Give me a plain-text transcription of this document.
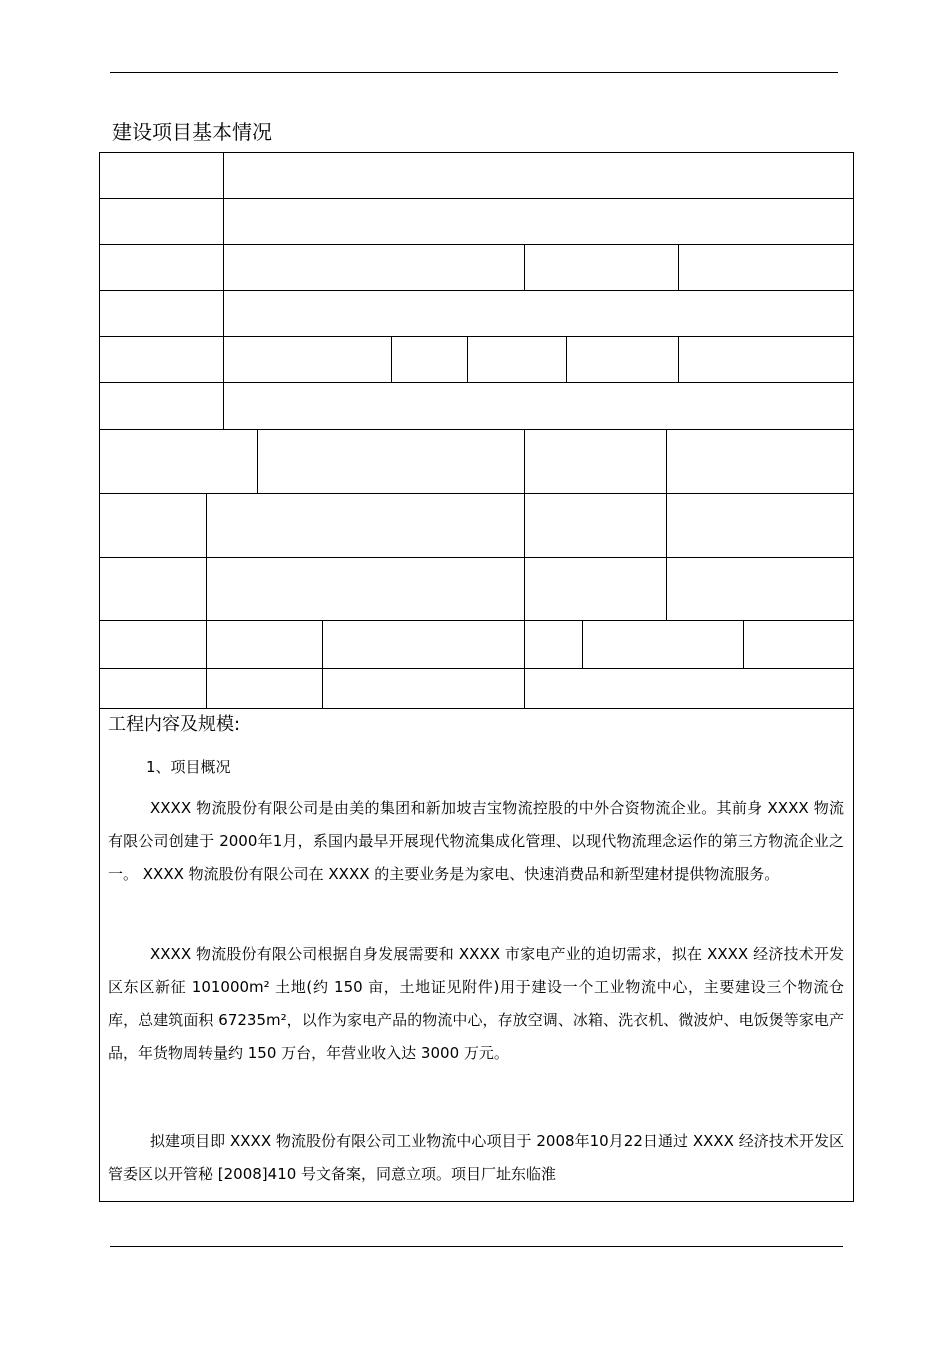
建设项目基本情况
工程内容及规模:
1、项目概况

XXXX 物流股份有限公司是由美的集团和新加坡吉宝物流控股的中外合资物流企业。其前身 XXXX 物流有限公司创建于 2000年1月，系国内最早开展现代物流集成化管理、以现代物流理念运作的第三方物流企业之一。 XXXX 物流股份有限公司在 XXXX 的主要业务是为家电、快速消费品和新型建材提供物流服务。

XXXX 物流股份有限公司根据自身发展需要和 XXXX 市家电产业的迫切需求，拟在 XXXX 经济技术开发区东区新征 101000m² 土地(约 150 亩，土地证见附件)用于建设一个工业物流中心，主要建设三个物流仓库，总建筑面积 67235m²，以作为家电产品的物流中心，存放空调、冰箱、洗衣机、微波炉、电饭煲等家电产品，年货物周转量约 150 万台，年营业收入达 3000 万元。

拟建项目即 XXXX 物流股份有限公司工业物流中心项目于 2008年10月22日通过 XXXX 经济技术开发区管委区以开管秘 [2008]410 号文备案，同意立项。项目厂址东临淮
